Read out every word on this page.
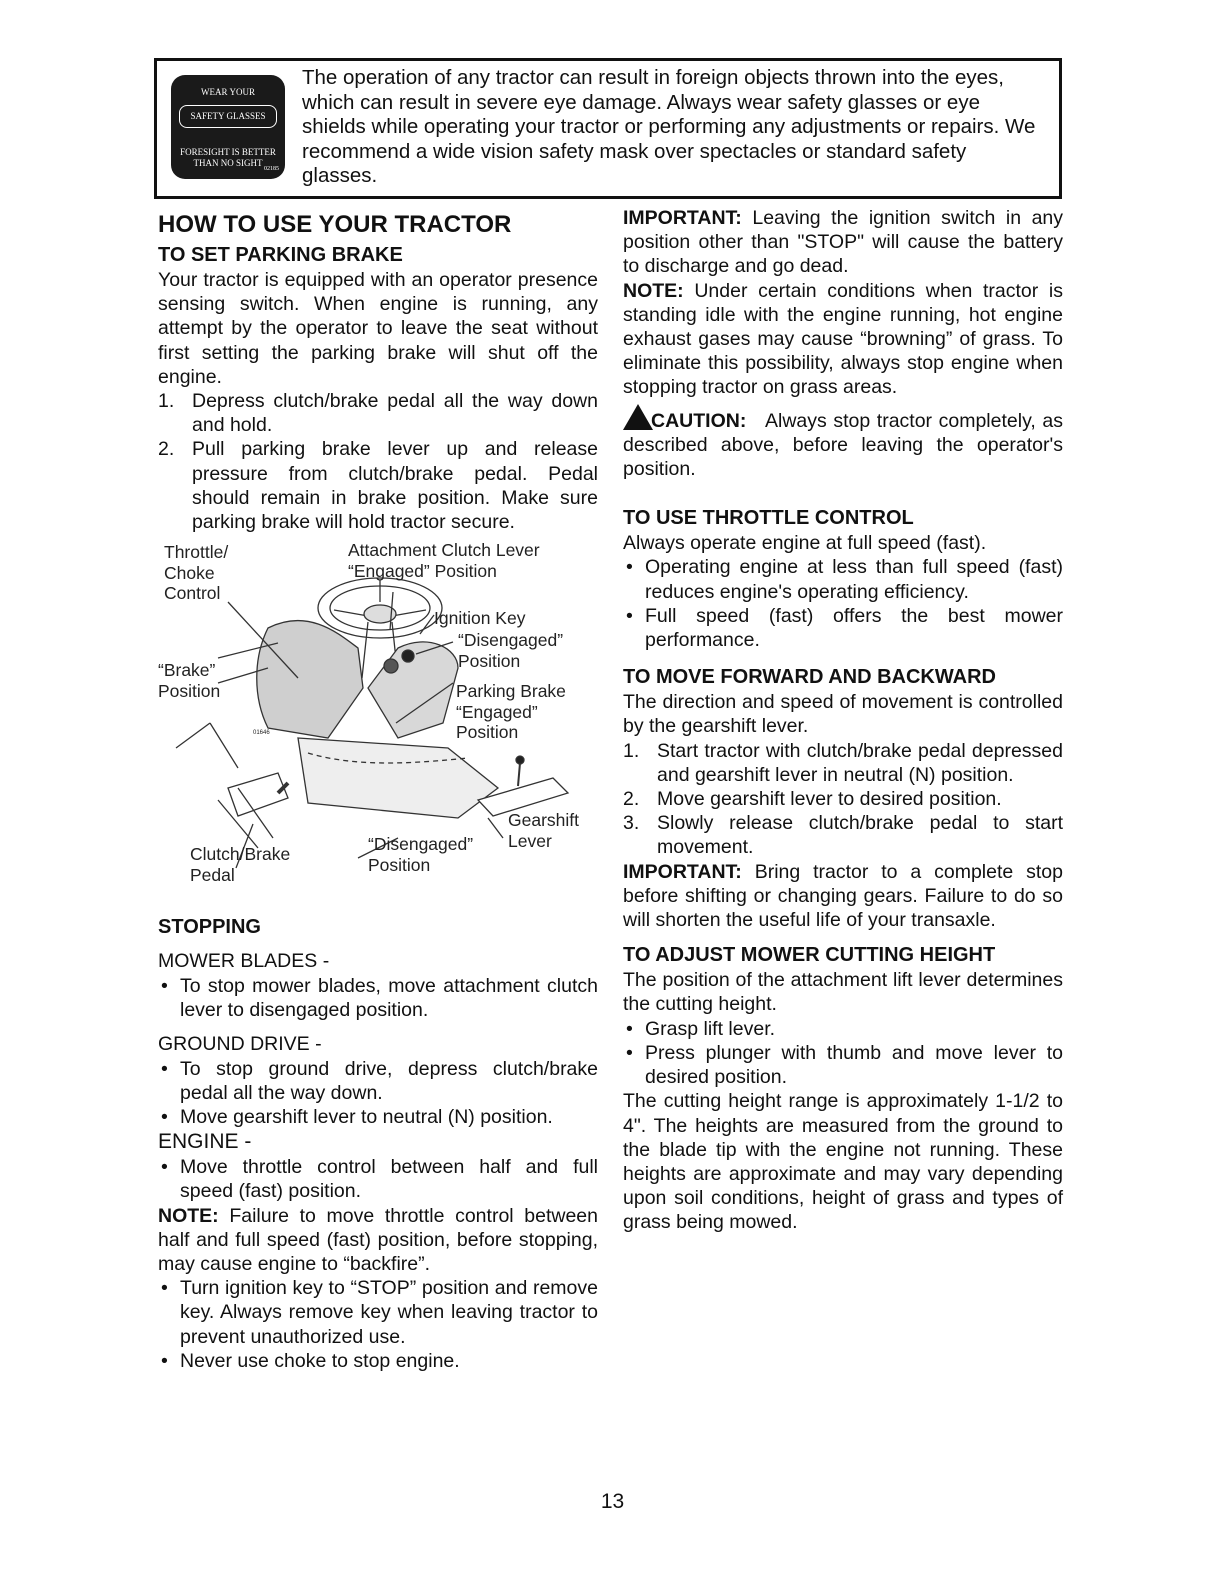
WEAR YOUR
SAFETY GLASSES
FORESIGHT IS BETTER THAN NO SIGHT
02185
The operation of any tractor can result in foreign objects thrown into the eyes, which can result in severe eye damage. Always wear safety glasses or eye shields while operating your tractor or performing any adjustments or repairs. We recommend a wide vision safety mask over spectacles or standard safety glasses.
HOW TO USE YOUR TRACTOR
TO SET PARKING BRAKE

Your tractor is equipped with an operator presence sensing switch. When engine is running, any attempt by the operator to leave the seat without first setting the parking brake will shut off the engine.

1. Depress clutch/brake pedal all the way down and hold.
2. Pull parking brake lever up and release pressure from clutch/brake pedal. Pedal should remain in brake position. Make sure parking brake will hold tractor secure.
Throttle/
Choke
Control
Attachment Clutch Lever
“Engaged” Position
Ignition Key
“Disengaged”
Position
“Brake”
Position	Parking Brake
“Engaged”
Position
01646
Gearshift
Lever
“Disengaged”
Position
Clutch/Brake
Pedal
STOPPING
MOWER BLADES -
• To stop mower blades, move attachment clutch lever to disengaged position.
GROUND DRIVE -
• To stop ground drive, depress clutch/brake pedal all the way down.
• Move gearshift lever to neutral (N) position.
ENGINE -
• Move throttle control between half and full speed (fast) position.

NOTE: Failure to move throttle control between half and full speed (fast) position, before stopping, may cause engine to “backfire”.

• Turn ignition key to “STOP” position and remove key. Always remove key when leaving tractor to prevent unauthorized use.
• Never use choke to stop engine.

IMPORTANT: Leaving the ignition switch in any position other than "STOP" will cause the battery to discharge and go dead.

NOTE: Under certain conditions when tractor is standing idle with the engine running, hot engine exhaust gases may cause “browning” of grass. To eliminate this possibility, always stop engine when stopping tractor on grass areas.

CAUTION: Always stop tractor completely, as described above, before leaving the operator's position.

TO USE THROTTLE CONTROL

Always operate engine at full speed (fast).

• Operating engine at less than full speed (fast) reduces engine's operating efficiency.
• Full speed (fast) offers the best mower performance.
TO MOVE FORWARD AND BACKWARD

The direction and speed of movement is controlled by the gearshift lever.

1. Start tractor with clutch/brake pedal depressed and gearshift lever in neutral (N) position.
2. Move gearshift lever to desired position.
3. Slowly release clutch/brake pedal to start movement.

IMPORTANT: Bring tractor to a complete stop before shifting or changing gears. Failure to do so will shorten the useful life of your transaxle.

TO ADJUST MOWER CUTTING HEIGHT

The position of the attachment lift lever determines the cutting height.

• Grasp lift lever.
• Press plunger with thumb and move lever to desired position.

The cutting height range is approximately 1-1/2 to 4". The heights are measured from the ground to the blade tip with the engine not running. These heights are approximate and may vary depending upon soil conditions, height of grass and types of grass being mowed.

13
